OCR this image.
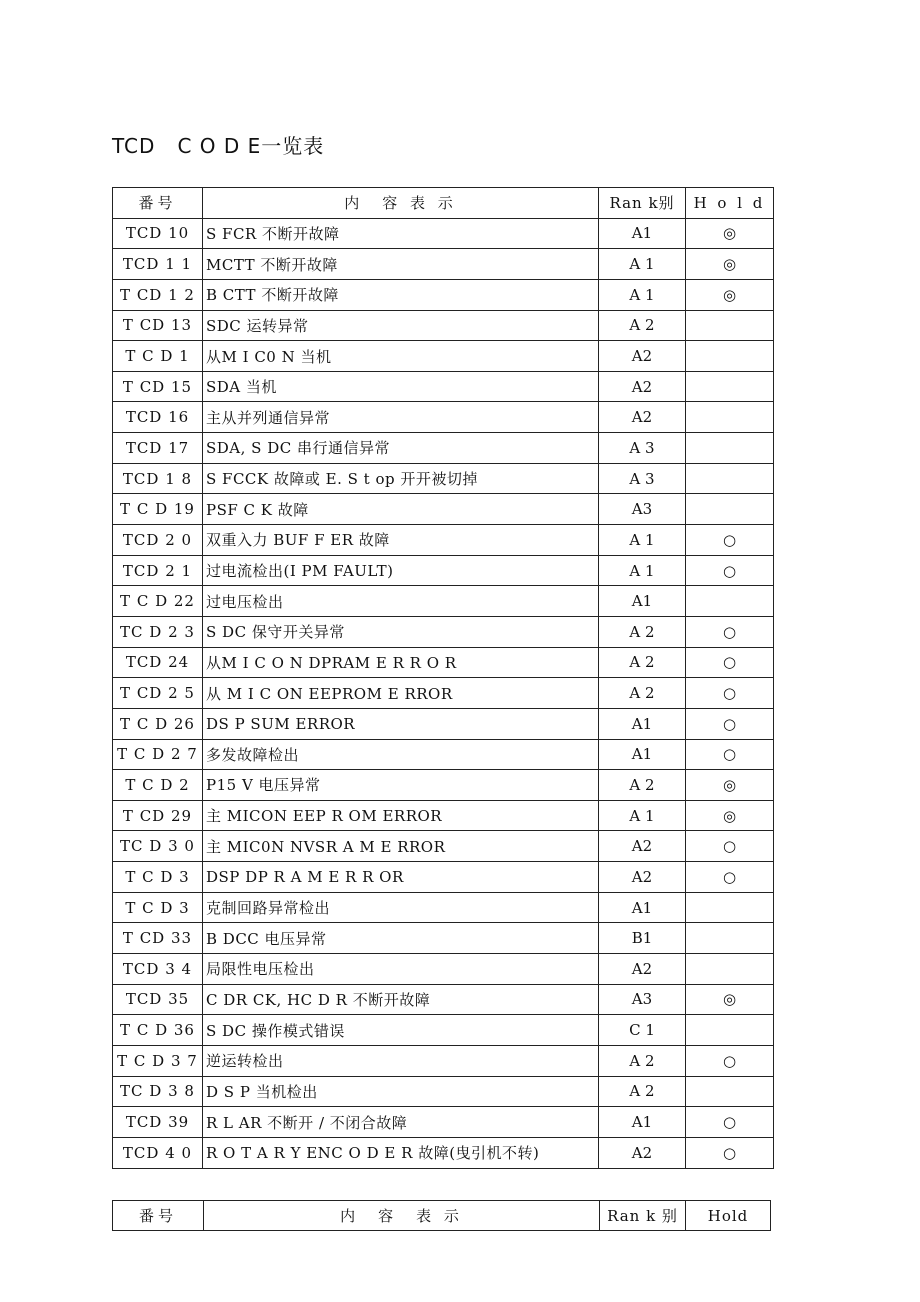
TCD   C O D E一览表
番号	内　容 表 示	Ran k别	H o l d
TCD 10	S FCR 不断开故障	A1	◎
TCD 1 1	MCTT 不断开故障	A 1	◎
T CD 1 2	B CTT 不断开故障	A 1	◎
T CD 13	SDC 运转异常	A 2	
T C D 1	从M I C0 N 当机	A2	
T CD 15	SDA 当机	A2	
TCD 16	主从并列通信异常	A2	
TCD 17	SDA, S DC 串行通信异常	A 3	
TCD 1 8	S FCCK 故障或 E. S t op 开开被切掉	A 3	
T C D 19	PSF C K 故障	A3	
TCD 2 0	双重入力 BUF F ER 故障	A 1	○
TCD 2 1	过电流检出(I PM FAULT)	A 1	○
T C D 22	过电压检出	A1	
TC D 2 3	S DC 保守开关异常	A 2	○
TCD 24	从M I C O N DPRAM E R R O R	A 2	○
T CD 2 5	从 M I C ON EEPROM E RROR	A 2	○
T C D 26	DS P SUM ERROR	A1	○
T C D 2 7	多发故障检出	A1	○
T C D 2	P15 V 电压异常	A 2	◎
T CD 29	主 MICON EEP R OM ERROR	A 1	◎
TC D 3 0	主 MIC0N NVSR A M E RROR	A2	○
T C D 3	DSP DP R A M E R R OR	A2	○
T C D 3	克制回路异常检出	A1	
T CD 33	B DCC 电压异常	B1	
TCD 3 4	局限性电压检出	A2	
TCD 35	C DR CK, HC D R 不断开故障	A3	◎
T C D 36	S DC 操作模式错误	C 1	
T C D 3 7	逆运转检出	A 2	○
TC D 3 8	D S P 当机检出	A 2	
TCD 39	R L AR 不断开 / 不闭合故障	A1	○
TCD 4 0	R O T A R Y ENC O D E R 故障(曳引机不转)	A2	○
番号	内　容　表 示	Ran k 别	Hold
